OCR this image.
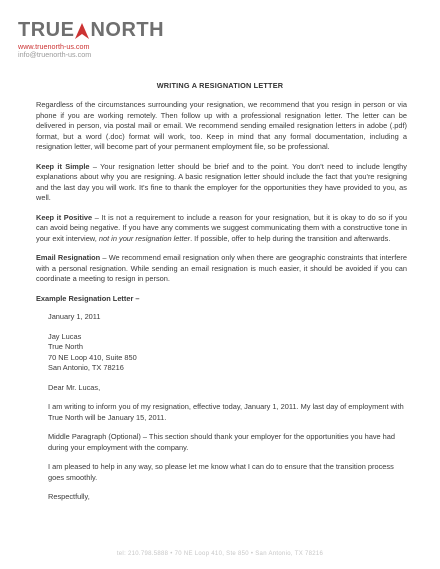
TRUE NORTH
www.truenorth-us.com
info@truenorth-us.com
WRITING A RESIGNATION LETTER

Regardless of the circumstances surrounding your resignation, we recommend that you resign in person or via phone if you are working remotely. Then follow up with a professional resignation letter. The letter can be delivered in person, via postal mail or email. We recommend sending emailed resignation letters in adobe (.pdf) format, but a word (.doc) format will work, too. Keep in mind that any formal documentation, including a resignation letter, will become part of your permanent employment file, so be professional.

Keep it Simple – Your resignation letter should be brief and to the point. You don't need to include lengthy explanations about why you are resigning. A basic resignation letter should include the fact that you're resigning and the last day you will work. It's fine to thank the employer for the opportunities they have provided to you, as well.

Keep it Positive – It is not a requirement to include a reason for your resignation, but it is okay to do so if you can avoid being negative. If you have any comments we suggest communicating them with a constructive tone in your exit interview, not in your resignation letter. If possible, offer to help during the transition and afterwards.

Email Resignation – We recommend email resignation only when there are geographic constraints that interfere with a personal resignation. While sending an email resignation is much easier, it should be avoided if you can coordinate a meeting to resign in person.

Example Resignation Letter –

January 1, 2011

Jay Lucas
True North
70 NE Loop 410, Suite 850
San Antonio, TX 78216

Dear Mr. Lucas,

I am writing to inform you of my resignation, effective today, January 1, 2011. My last day of employment with True North will be January 15, 2011.

Middle Paragraph (Optional) – This section should thank your employer for the opportunities you have had during your employment with the company.

I am pleased to help in any way, so please let me know what I can do to ensure that the transition process goes smoothly.

Respectfully,

tel: 210.798.5888 • 70 NE Loop 410, Ste 850 • San Antonio, TX 78216
